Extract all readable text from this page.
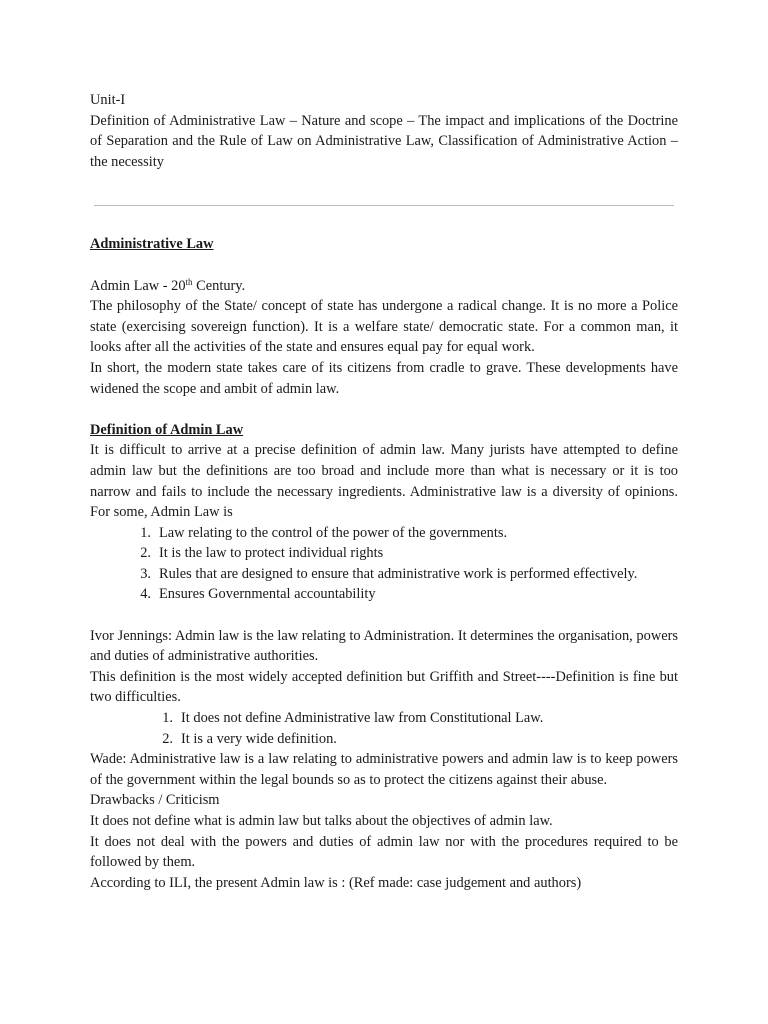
Unit-I

Definition of Administrative Law – Nature and scope – The impact and implications of the Doctrine of Separation and the Rule of Law on Administrative Law, Classification of Administrative Action – the necessity

Administrative Law

Admin Law - 20th Century.

The philosophy of the State/ concept of state has undergone a radical change. It is no more a Police state (exercising sovereign function). It is a welfare state/ democratic state. For a common man, it looks after all the activities of the state and ensures equal pay for equal work.

In short, the modern state takes care of its citizens from cradle to grave. These developments have widened the scope and ambit of admin law.

Definition of Admin Law

It is difficult to arrive at a precise definition of admin law. Many jurists have attempted to define admin law but the definitions are too broad and include more than what is necessary or it is too narrow and fails to include the necessary ingredients. Administrative law is a diversity of opinions. For some, Admin Law is

1. Law relating to the control of the power of the governments.
2. It is the law to protect individual rights
3. Rules that are designed to ensure that administrative work is performed effectively.
4. Ensures Governmental accountability

Ivor Jennings: Admin law is the law relating to Administration. It determines the organisation, powers and duties of administrative authorities.

This definition is the most widely accepted definition but Griffith and Street----Definition is fine but two difficulties.

1. It does not define Administrative law from Constitutional Law.
2. It is a very wide definition.

Wade: Administrative law is a law relating to administrative powers and admin law is to keep powers of the government within the legal bounds so as to protect the citizens against their abuse.

Drawbacks / Criticism

It does not define what is admin law but talks about the objectives of admin law.

It does not deal with the powers and duties of admin law nor with the procedures required to be followed by them.

According to ILI, the present Admin law is : (Ref made: case judgement and authors)
